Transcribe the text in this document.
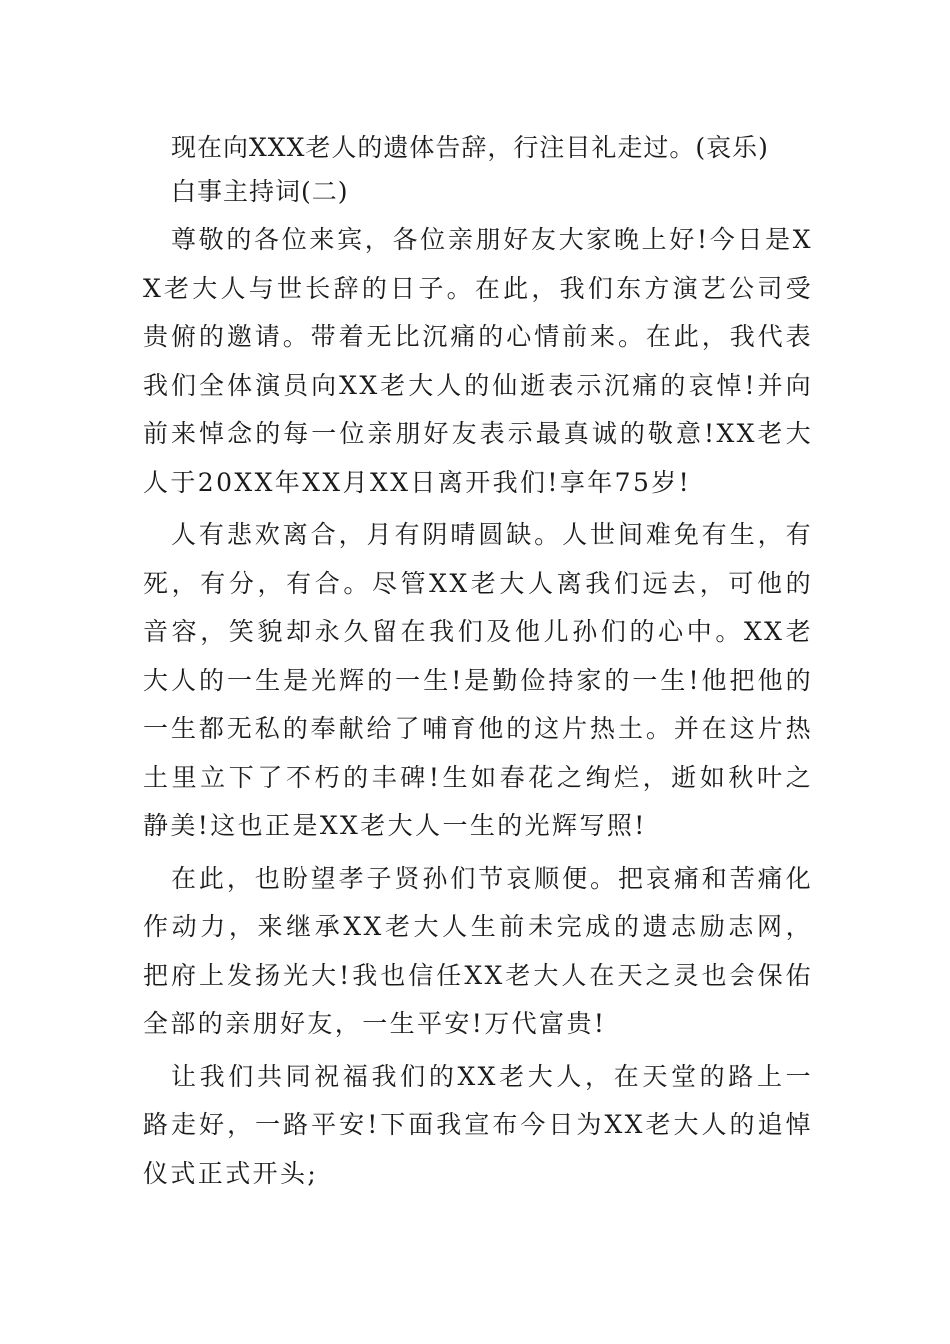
现在向XXX老人的遗体告辞，行注目礼走过。(哀乐)

白事主持词(二)

尊敬的各位来宾，各位亲朋好友大家晚上好!今日是XX老大人与世长辞的日子。在此，我们东方演艺公司受贵俯的邀请。带着无比沉痛的心情前来。在此，我代表我们全体演员向XX老大人的仙逝表示沉痛的哀悼!并向前来悼念的每一位亲朋好友表示最真诚的敬意!XX老大人于20XX年XX月XX日离开我们!享年75岁!

人有悲欢离合，月有阴晴圆缺。人世间难免有生，有死，有分，有合。尽管XX老大人离我们远去，可他的音容，笑貌却永久留在我们及他儿孙们的心中。XX老大人的一生是光辉的一生!是勤俭持家的一生!他把他的一生都无私的奉献给了哺育他的这片热土。并在这片热土里立下了不朽的丰碑!生如春花之绚烂，逝如秋叶之静美!这也正是XX老大人一生的光辉写照!

在此，也盼望孝子贤孙们节哀顺便。把哀痛和苦痛化作动力，来继承XX老大人生前未完成的遗志励志网，把府上发扬光大!我也信任XX老大人在天之灵也会保佑全部的亲朋好友，一生平安!万代富贵!

让我们共同祝福我们的XX老大人，在天堂的路上一路走好，一路平安!下面我宣布今日为XX老大人的追悼仪式正式开头;
